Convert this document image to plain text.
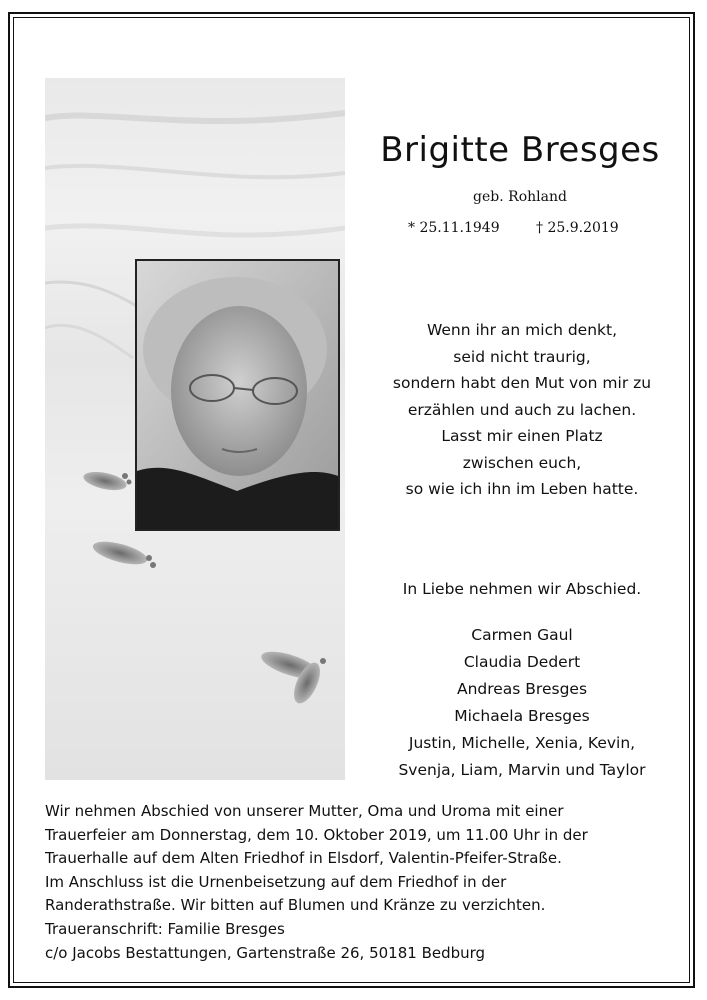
Brigitte Bresges
geb. Rohland
* 25.11.1949	† 25.9.2019
Wenn ihr an mich denkt,
seid nicht traurig,
sondern habt den Mut von mir zu
erzählen und auch zu lachen.
Lasst mir einen Platz
zwischen euch,
so wie ich ihn im Leben hatte.
In Liebe nehmen wir Abschied.
Carmen Gaul
Claudia Dedert
Andreas Bresges
Michaela Bresges
Justin, Michelle, Xenia, Kevin,
Svenja, Liam, Marvin und Taylor
Wir nehmen Abschied von unserer Mutter, Oma und Uroma mit einer
Trauerfeier am Donnerstag, dem 10. Oktober 2019, um 11.00 Uhr in der
Trauerhalle auf dem Alten Friedhof in Elsdorf, Valentin-Pfeifer-Straße.
Im Anschluss ist die Urnenbeisetzung auf dem Friedhof in der
Randerathstraße. Wir bitten auf Blumen und Kränze zu verzichten.
Traueranschrift: Familie Bresges
c/o Jacobs Bestattungen, Gartenstraße 26, 50181 Bedburg
